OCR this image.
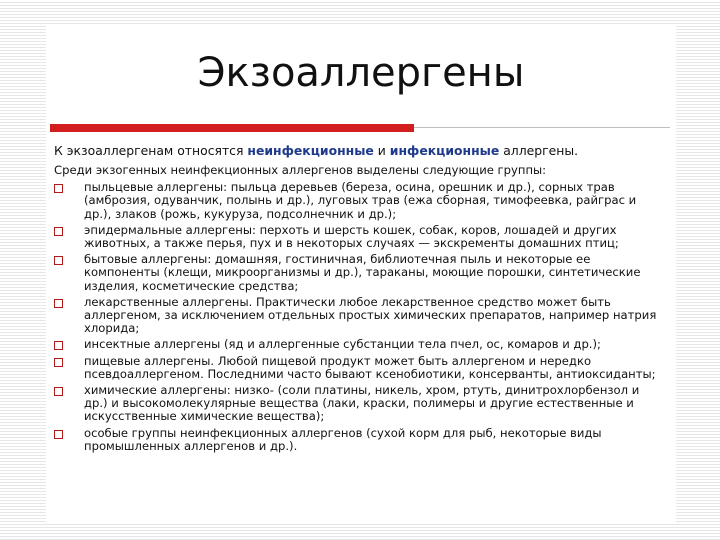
Экзоаллергены
К экзоаллергенам относятся неинфекционные и инфекционные аллергены.
Среди экзогенных неинфекционных аллергенов выделены следующие группы:
пыльцевые аллергены: пыльца деревьев (береза, осина, орешник и др.), сорных трав (амброзия, одуванчик, полынь и др.), луговых трав (ежа сборная, тимофеевка, райграс и др.), злаков (рожь, кукуруза, подсолнечник и др.);
эпидермальные аллергены: перхоть и шерсть кошек, собак, коров, лошадей и других животных, а также перья, пух и в некоторых случаях — экскременты домашних птиц;
бытовые аллергены: домашняя, гостиничная, библиотечная пыль и некоторые ее компоненты (клещи, микроорганизмы и др.), тараканы, моющие порошки, синтетические изделия, косметические средства;
лекарственные аллергены. Практически любое лекарственное средство может быть аллергеном, за исключением отдельных простых химических препаратов, например натрия хлорида;
инсектные аллергены (яд и аллергенные субстанции тела пчел, ос, комаров и др.);
пищевые аллергены. Любой пищевой продукт может быть аллергеном и нередко псевдоаллергеном. Последними часто бывают ксенобиотики, консерванты, антиоксиданты;
химические аллергены: низко- (соли платины, никель, хром, ртуть, динитрохлорбензол и др.) и высокомолекулярные вещества (лаки, краски, полимеры и другие естественные и искусственные химические вещества);
особые группы неинфекционных аллергенов (сухой корм для рыб, некоторые виды промышленных аллергенов и др.).
